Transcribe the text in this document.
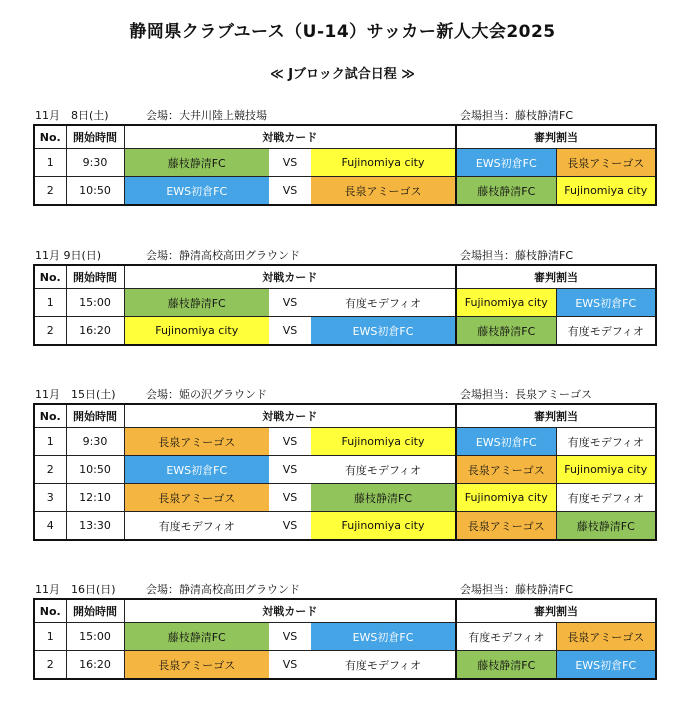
静岡県クラブユース（U-14）サッカー新人大会2025
≪ Jブロック試合日程 ≫
11月　8日(土)	会場：大井川陸上競技場	会場担当：藤枝静清FC
No.	開始時間	対戦カード			審判割当	
1	9:30	藤枝静清FC	VS	Fujinomiya city	EWS初倉FC	長泉アミーゴス
2	10:50	EWS初倉FC	VS	長泉アミーゴス	藤枝静清FC	Fujinomiya city
11月 9日(日)	会場：静清高校高田グラウンド	会場担当：藤枝静清FC
No.	開始時間	対戦カード			審判割当	
1	15:00	藤枝静清FC	VS	有度モデフィオ	Fujinomiya city	EWS初倉FC
2	16:20	Fujinomiya city	VS	EWS初倉FC	藤枝静清FC	有度モデフィオ
11月　15日(土)	会場：姫の沢グラウンド	会場担当：長泉アミーゴス
No.	開始時間	対戦カード			審判割当	
1	9:30	長泉アミーゴス	VS	Fujinomiya city	EWS初倉FC	有度モデフィオ
2	10:50	EWS初倉FC	VS	有度モデフィオ	長泉アミーゴス	Fujinomiya city
3	12:10	長泉アミーゴス	VS	藤枝静清FC	Fujinomiya city	有度モデフィオ
4	13:30	有度モデフィオ	VS	Fujinomiya city	長泉アミーゴス	藤枝静清FC
11月　16日(日)	会場：静清高校高田グラウンド	会場担当：藤枝静清FC
No.	開始時間	対戦カード			審判割当	
1	15:00	藤枝静清FC	VS	EWS初倉FC	有度モデフィオ	長泉アミーゴス
2	16:20	長泉アミーゴス	VS	有度モデフィオ	藤枝静清FC	EWS初倉FC
